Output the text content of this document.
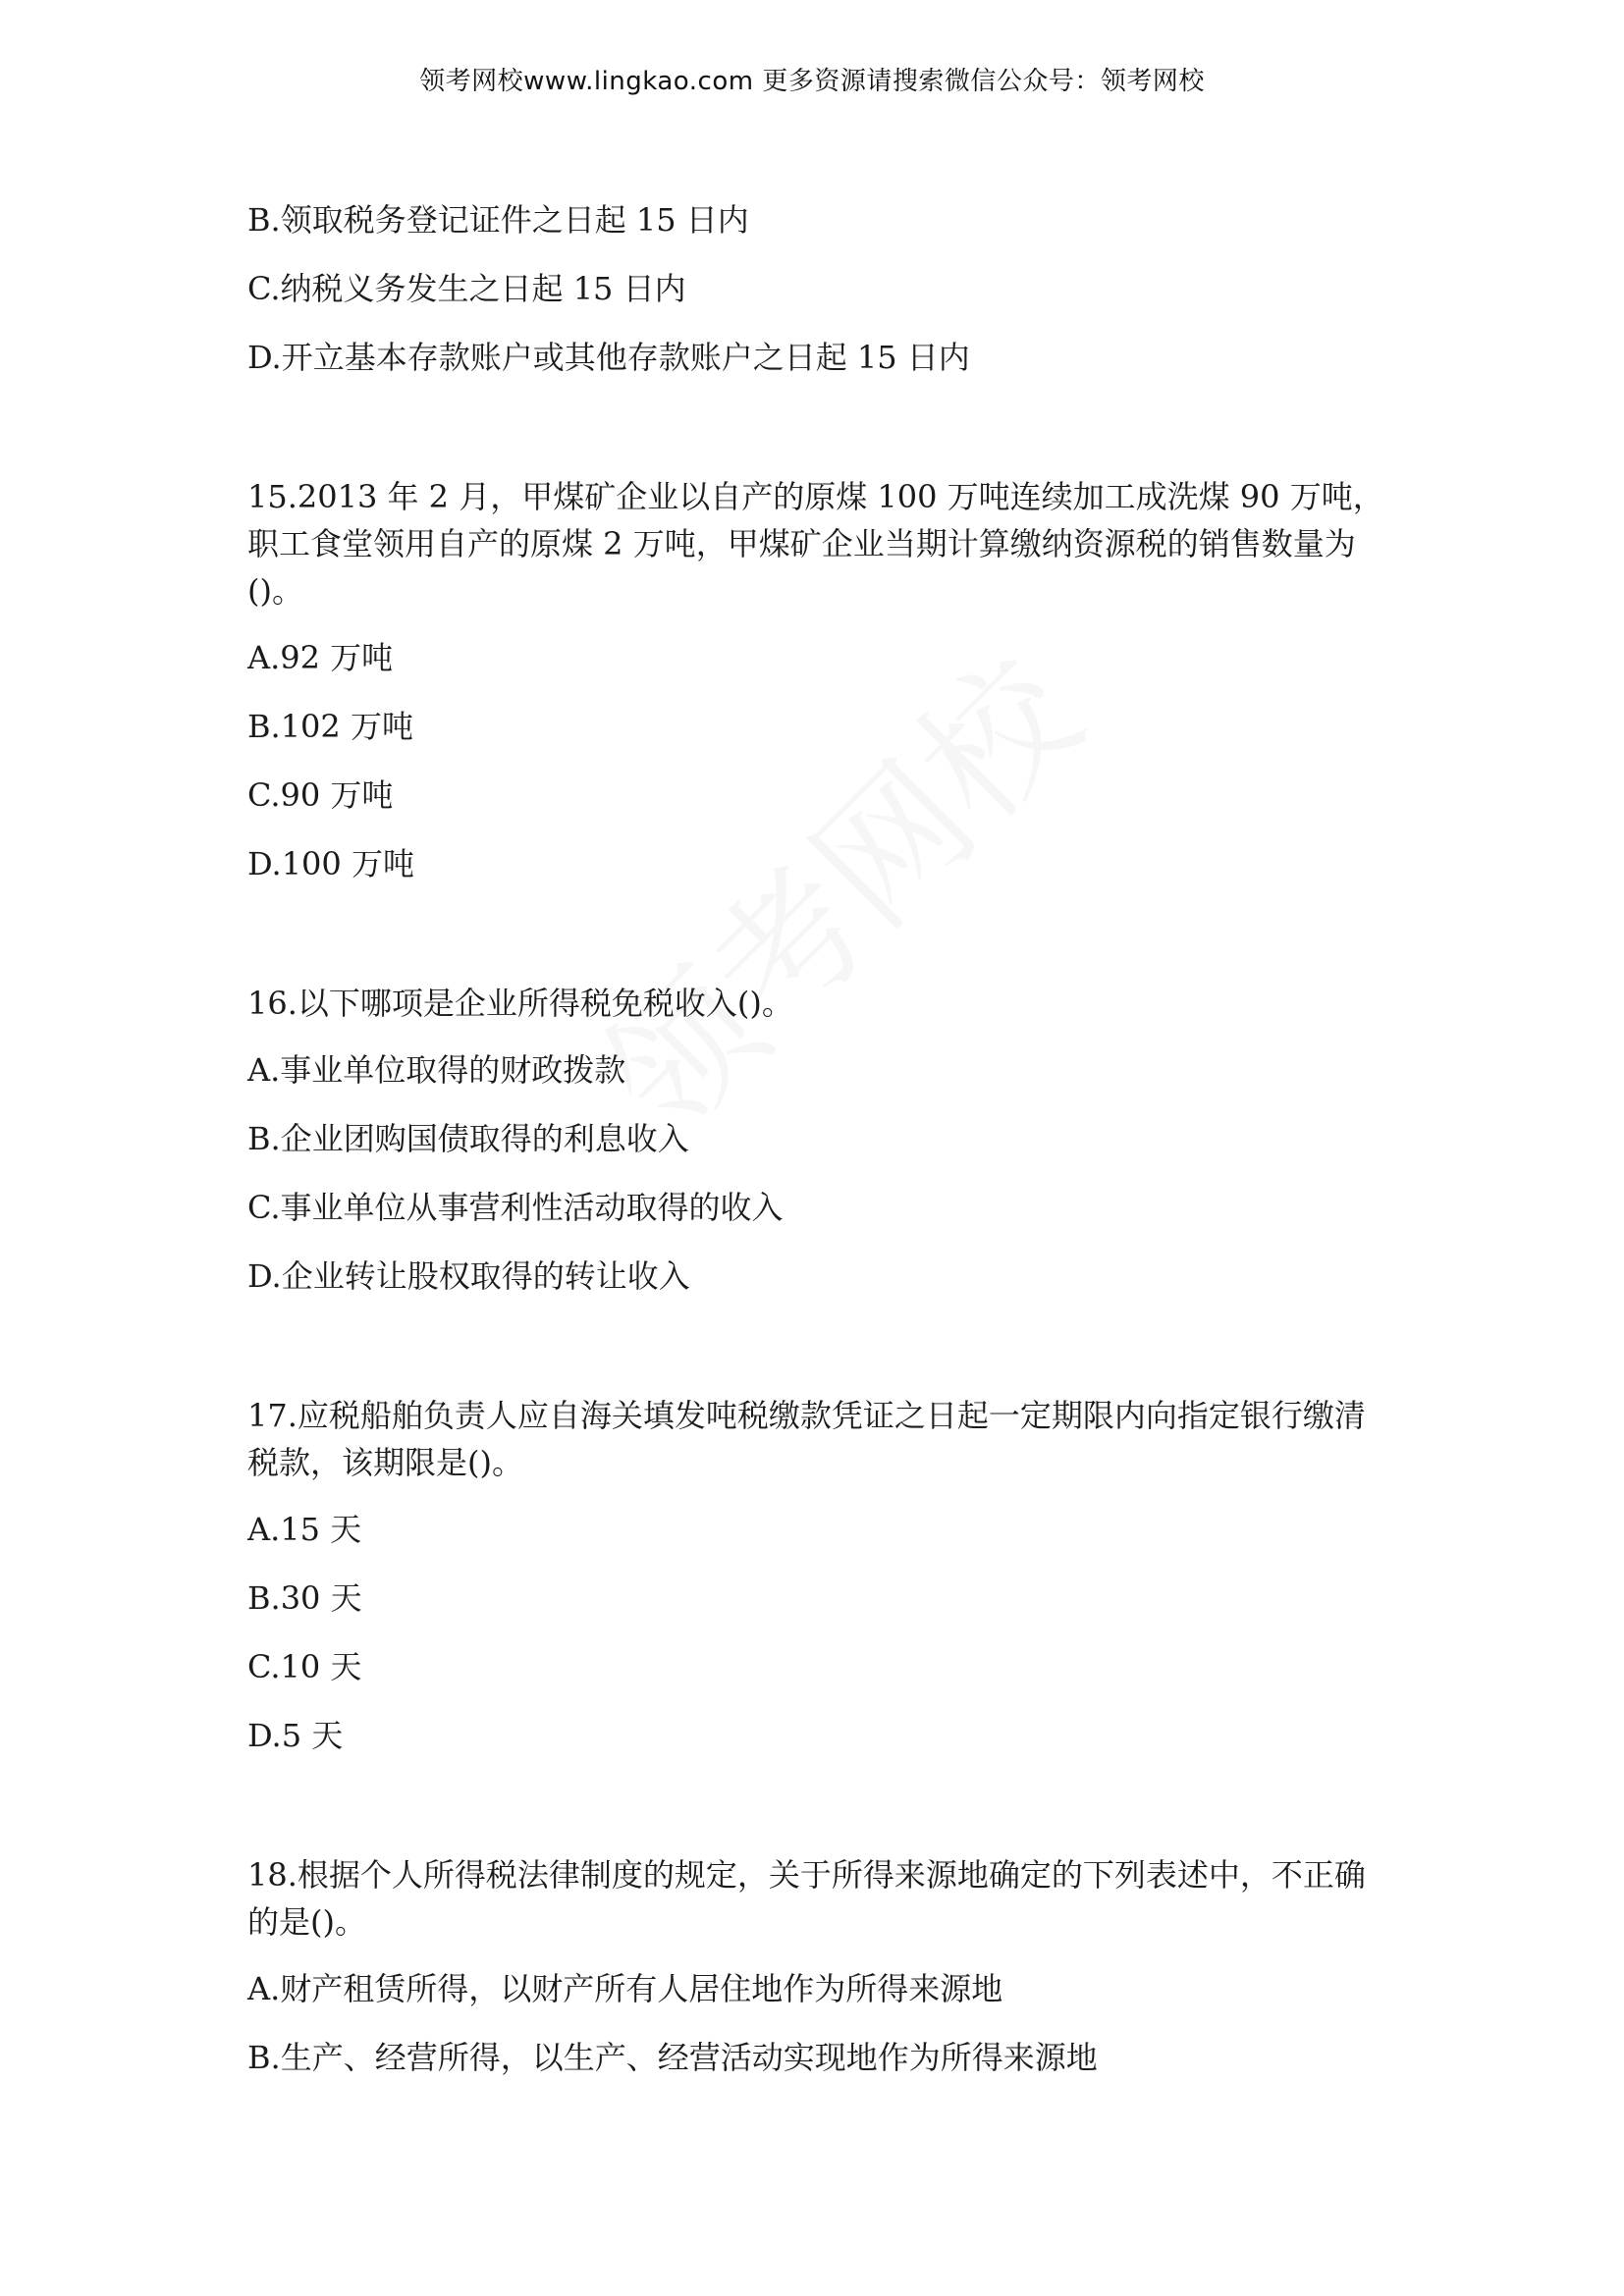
领考网校www.lingkao.com 更多资源请搜索微信公众号：领考网校

B.领取税务登记证件之日起 15 日内

C.纳税义务发生之日起 15 日内

D.开立基本存款账户或其他存款账户之日起 15 日内

15.2013 年 2 月，甲煤矿企业以自产的原煤 100 万吨连续加工成洗煤 90 万吨，职工食堂领用自产的原煤 2 万吨，甲煤矿企业当期计算缴纳资源税的销售数量为()。

A.92 万吨

B.102 万吨

C.90 万吨

D.100 万吨

16.以下哪项是企业所得税免税收入()。

A.事业单位取得的财政拨款

B.企业团购国债取得的利息收入

C.事业单位从事营利性活动取得的收入

D.企业转让股权取得的转让收入

17.应税船舶负责人应自海关填发吨税缴款凭证之日起一定期限内向指定银行缴清税款，该期限是()。

A.15 天

B.30 天

C.10 天

D.5 天

18.根据个人所得税法律制度的规定，关于所得来源地确定的下列表述中，不正确的是()。

A.财产租赁所得，以财产所有人居住地作为所得来源地

B.生产、经营所得，以生产、经营活动实现地作为所得来源地
